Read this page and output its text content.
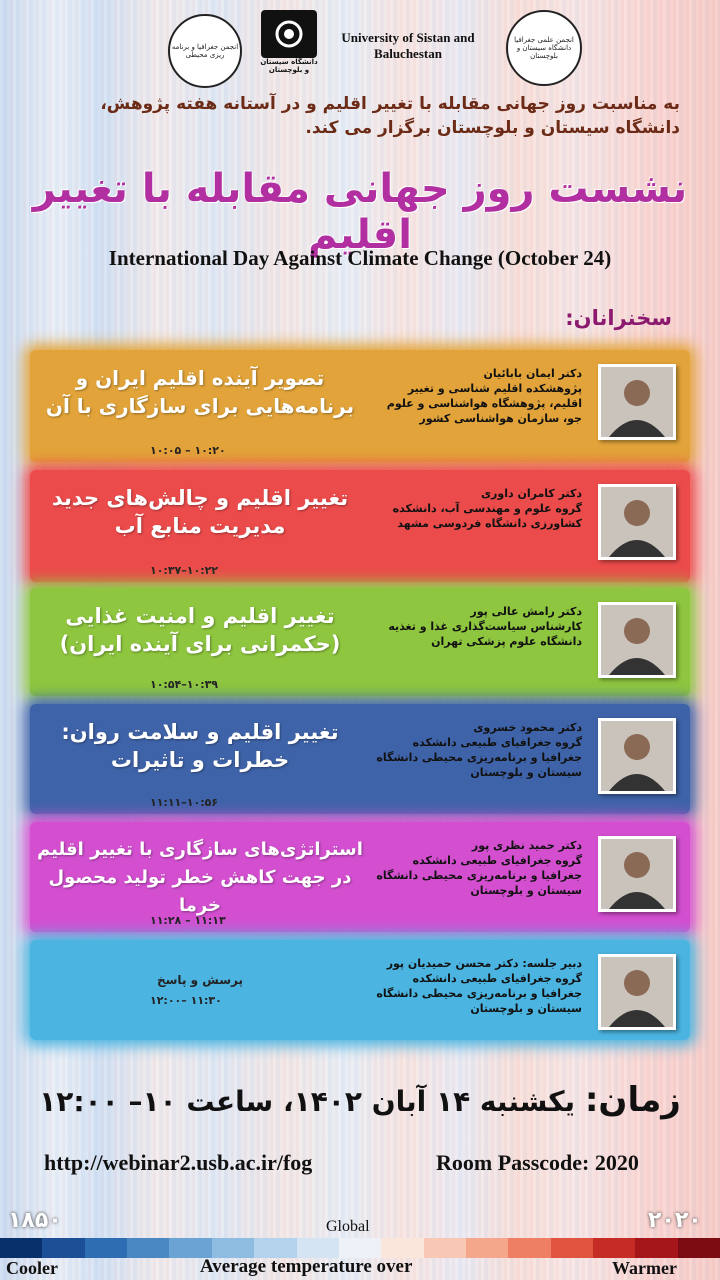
انجمن جغرافیا و برنامه ریزی محیطی
دانشگاه سیستان و بلوچستان
University of Sistan and Baluchestan
انجمن علمی جغرافیا دانشگاه سیستان و بلوچستان
به مناسبت روز جهانی مقابله با تغییر اقلیم و در آستانه هفته پژوهش، دانشگاه سیستان و بلوچستان برگزار می کند.
نشست روز جهانی مقابله با تغییر اقلیم
International Day Against Climate Change (October 24)
سخنرانان:
تصویر آینده اقلیم ایران و برنامه‌هایی برای سازگاری با آن
۱۰:۲۰ – ۱۰:۰۵
دکتر ایمان بابائیان
پژوهشکده اقلیم شناسی و تغییر اقلیم، پژوهشگاه هواشناسی و علوم جو، سازمان هواشناسی کشور
تغییر اقلیم و چالش‌های جدید مدیریت منابع آب
۱۰:۲۲–۱۰:۳۷
دکتر کامران داوری
گروه علوم و مهندسی آب، دانشکده کشاورزی دانشگاه فردوسی مشهد
تغییر اقلیم و امنیت غذایی (حکمرانی برای آینده ایران)
۱۰:۳۹–۱۰:۵۴
دکتر رامش عالی پور
کارشناس سیاست‌گذاری غذا و تغذیه دانشگاه علوم پزشکی تهران
تغییر اقلیم و سلامت روان: خطرات و تاثیرات
۱۰:۵۶–۱۱:۱۱
دکتر محمود خسروی
گروه جغرافیای طبیعی دانشکده جغرافیا و برنامه‌ریزی محیطی دانشگاه سیستان و بلوچستان
استراتژی‌های سازگاری با تغییر اقلیم در جهت کاهش خطر تولید محصول خرما
۱۱:۱۳ – ۱۱:۲۸
دکتر حمید نظری پور
گروه جغرافیای طبیعی دانشکده جغرافیا و برنامه‌ریزی محیطی دانشگاه سیستان و بلوچستان
پرسش و پاسخ
۱۱:۳۰ –۱۲:۰۰
دبیر جلسه: دکتر محسن حمیدیان پور
گروه جغرافیای طبیعی دانشکده جغرافیا و برنامه‌ریزی محیطی دانشگاه سیستان و بلوچستان
زمان: یکشنبه ۱۴ آبان ۱۴۰۲، ساعت ۱۰– ۱۲:۰۰
http://webinar2.usb.ac.ir/fog	Room Passcode: 2020
۱۸۵۰	۲۰۲۰
Global
Cooler	Average temperature over	Warmer
